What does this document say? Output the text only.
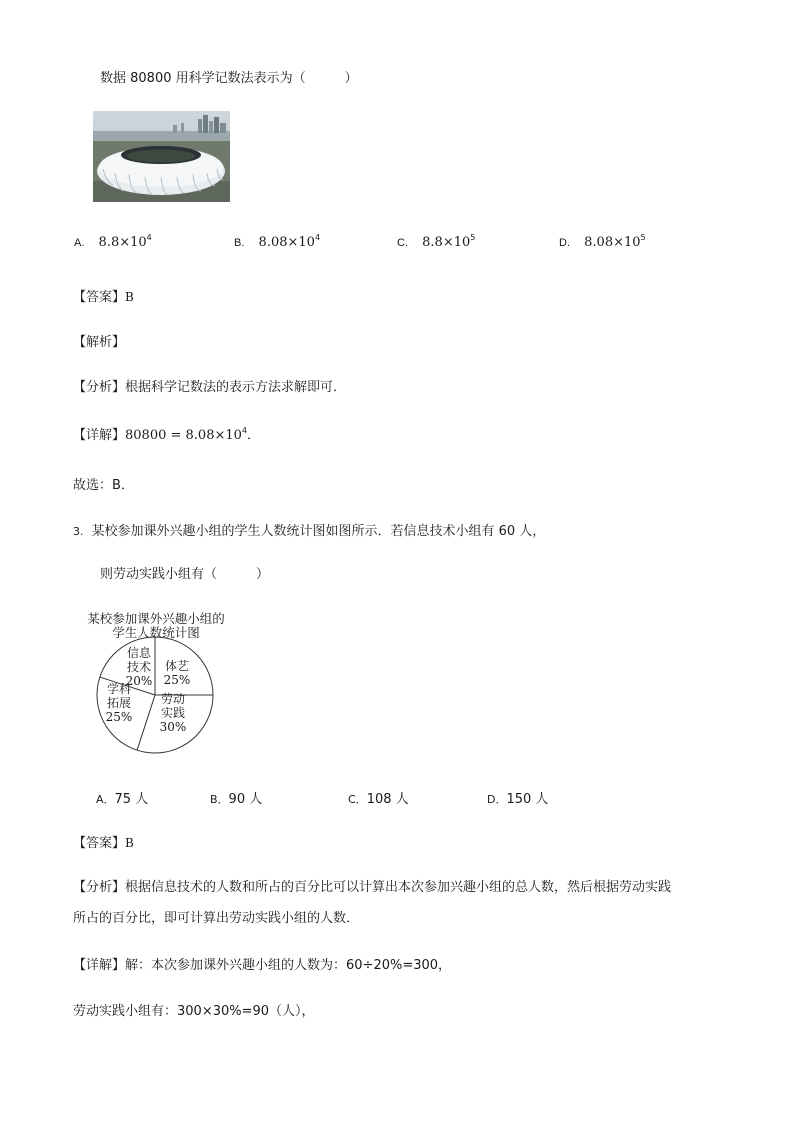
数据 80800 用科学记数法表示为（　　　）
A. $8.8\times 10^4$	B. $8.08\times 10^4$	C. $8.8\times 10^5$	D. $8.08\times 10^5$
【答案】B
【解析】
【分析】根据科学记数法的表示方法求解即可．
【详解】$80800 = 8.08\times 10^4$．
故选：B．
3. 某校参加课外兴趣小组的学生人数统计图如图所示．若信息技术小组有 60 人，
则劳动实践小组有（　　　）
某校参加课外兴趣小组的
学生人数统计图
体艺
25%
劳动
实践
30%
学科
拓展
25%
信息
技术
20%
A．75 人	B．90 人	C．108 人	D．150 人
【答案】B
【分析】根据信息技术的人数和所占的百分比可以计算出本次参加兴趣小组的总人数，然后根据劳动实践
所占的百分比，即可计算出劳动实践小组的人数．
【详解】解：本次参加课外兴趣小组的人数为：60÷20%=300，
劳动实践小组有：300×30%=90（人），
